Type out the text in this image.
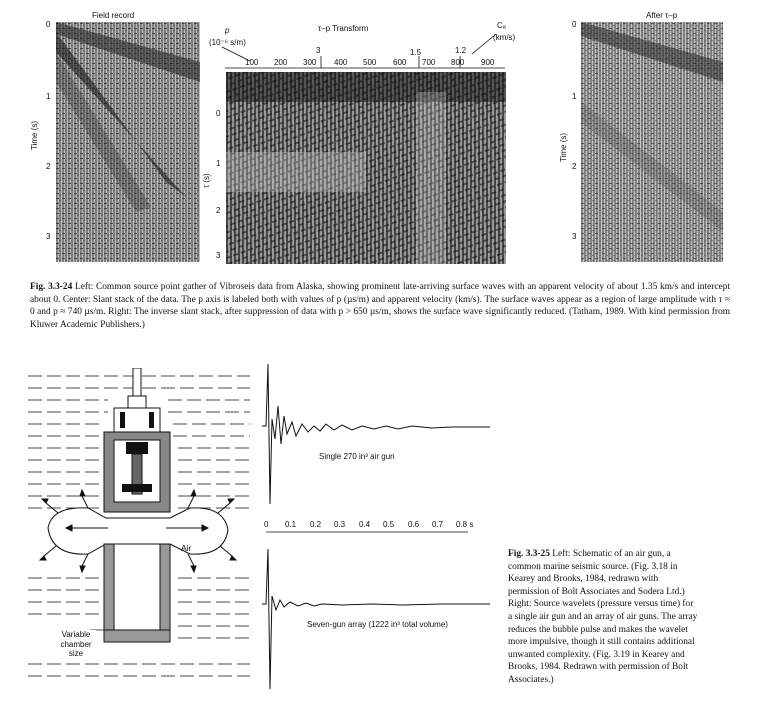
Field record
Time (s)
0
1
2
3
τ–p Transform
p
(10⁻⁶ s/m)
Cₐ
(km/s)
3	1.5	1.2
100 200 300 400 500 600 700 800 900
τ (s)
0
1
2
3
After τ–p
Time (s)
0
1
2
3
Fig. 3.3-24 Left: Common source point gather of Vibroseis data from Alaska, showing prominent late-arriving surface waves with an apparent velocity of about 1.35 km/s and intercept about 0. Center: Slant stack of the data. The p axis is labeled both with values of p (µs/m) and apparent velocity (km/s). The surface waves appear as a region of large amplitude with τ ≈ 0 and p ≈ 740 µs/m. Right: The inverse slant stack, after suppression of data with p > 650 µs/m, shows the surface wave significantly reduced. (Tatham, 1989. With kind permission from Kluwer Academic Publishers.)
Air
Variable
chamber
size
Single 270 in³ air gun
Seven-gun array (1222 in³ total volume)
0 0.1 0.2 0.3 0.4 0.5 0.6 0.7 0.8 s
Fig. 3.3-25 Left: Schematic of an air gun, a common marine seismic source. (Fig. 3.18 in Kearey and Brooks, 1984, redrawn with permission of Bolt Associates and Sodera Ltd.) Right: Source wavelets (pressure versus time) for a single air gun and an array of air guns. The array reduces the bubble pulse and makes the wavelet more impulsive, though it still contains additional unwanted complexity. (Fig. 3.19 in Kearey and Brooks, 1984. Redrawn with permission of Bolt Associates.)
